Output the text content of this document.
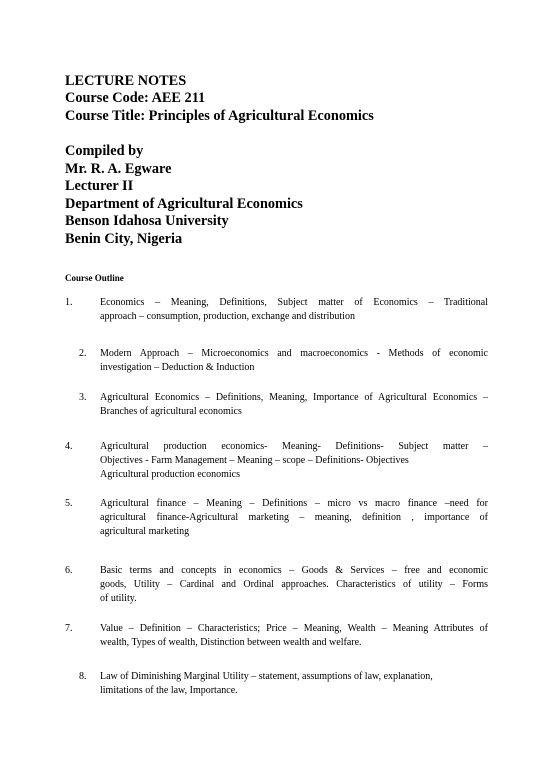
LECTURE NOTES
Course Code: AEE 211
Course Title: Principles of Agricultural Economics
Compiled by
Mr. R. A. Egware
Lecturer II
Department of Agricultural Economics
Benson Idahosa University
Benin City, Nigeria
Course Outline
1.	Economics – Meaning, Definitions, Subject matter of Economics – Traditional
approach – consumption, production, exchange and distribution
2. Modern Approach – Microeconomics and macroeconomics - Methods of economic
investigation – Deduction & Induction
3. Agricultural Economics – Definitions, Meaning, Importance of Agricultural Economics –
Branches of agricultural economics
4.	Agricultural production economics- Meaning- Definitions- Subject matter –
Objectives - Farm Management – Meaning – scope – Definitions- Objectives
Agricultural production economics
5.	Agricultural finance – Meaning – Definitions – micro vs macro finance –need for
agricultural finance-Agricultural marketing – meaning, definition , importance of
agricultural marketing
6.	Basic terms and concepts in economics – Goods & Services – free and economic
goods, Utility – Cardinal and Ordinal approaches. Characteristics of utility – Forms
of utility.
7.	Value – Definition – Characteristics; Price – Meaning, Wealth – Meaning Attributes of
wealth, Types of wealth, Distinction between wealth and welfare.
8. Law of Diminishing Marginal Utility – statement, assumptions of law, explanation,
limitations of the law, Importance.
